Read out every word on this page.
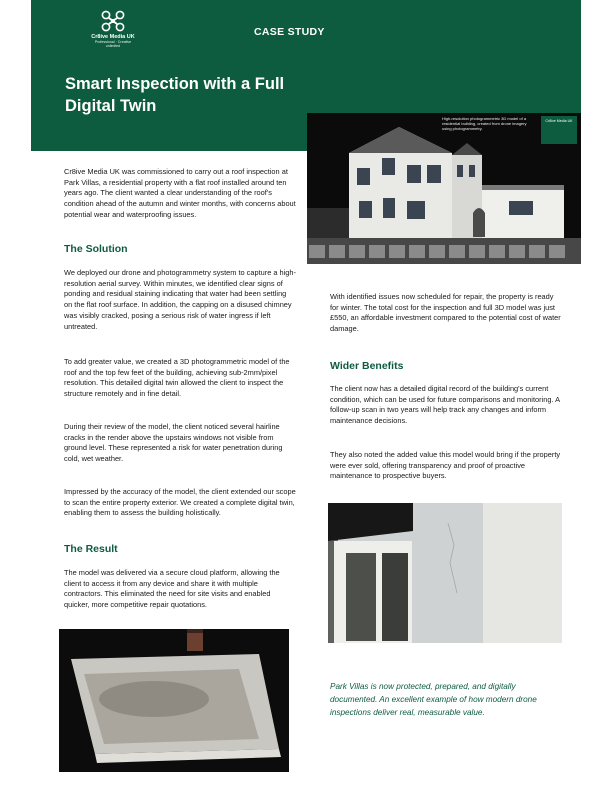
Cr8ive Media UK
Professional · Creative
unlimited
CASE STUDY
Smart Inspection with a Full Digital Twin
High-resolution photogrammetric 3D model of a residential building, created from drone imagery using photogrammetry.
Cr8ive Media UK

Cr8ive Media UK was commissioned to carry out a roof inspection at Park Villas, a residential property with a flat roof installed around ten years ago. The client wanted a clear understanding of the roof's condition ahead of the autumn and winter months, with concerns about potential wear and waterproofing issues.

The Solution

We deployed our drone and photogrammetry system to capture a high-resolution aerial survey. Within minutes, we identified clear signs of ponding and residual staining indicating that water had been settling on the flat roof surface. In addition, the capping on a disused chimney was visibly cracked, posing a serious risk of water ingress if left untreated.

To add greater value, we created a 3D photogrammetric model of the roof and the top few feet of the building, achieving sub-2mm/pixel resolution. This detailed digital twin allowed the client to inspect the structure remotely and in fine detail.

During their review of the model, the client noticed several hairline cracks in the render above the upstairs windows not visible from ground level. These represented a risk for water penetration during cold, wet weather.

Impressed by the accuracy of the model, the client extended our scope to scan the entire property exterior. We created a complete digital twin, enabling them to assess the building holistically.

The Result

The model was delivered via a secure cloud platform, allowing the client to access it from any device and share it with multiple contractors. This eliminated the need for site visits and enabled quicker, more competitive repair quotations.

With identified issues now scheduled for repair, the property is ready for winter. The total cost for the inspection and full 3D model was just £550, an affordable investment compared to the potential cost of water damage.

Wider Benefits

The client now has a detailed digital record of the building's current condition, which can be used for future comparisons and monitoring. A follow-up scan in two years will help track any changes and inform maintenance decisions.

They also noted the added value this model would bring if the property were ever sold, offering transparency and proof of proactive maintenance to prospective buyers.

Park Villas is now protected, prepared, and digitally documented. An excellent example of how modern drone inspections deliver real, measurable value.
